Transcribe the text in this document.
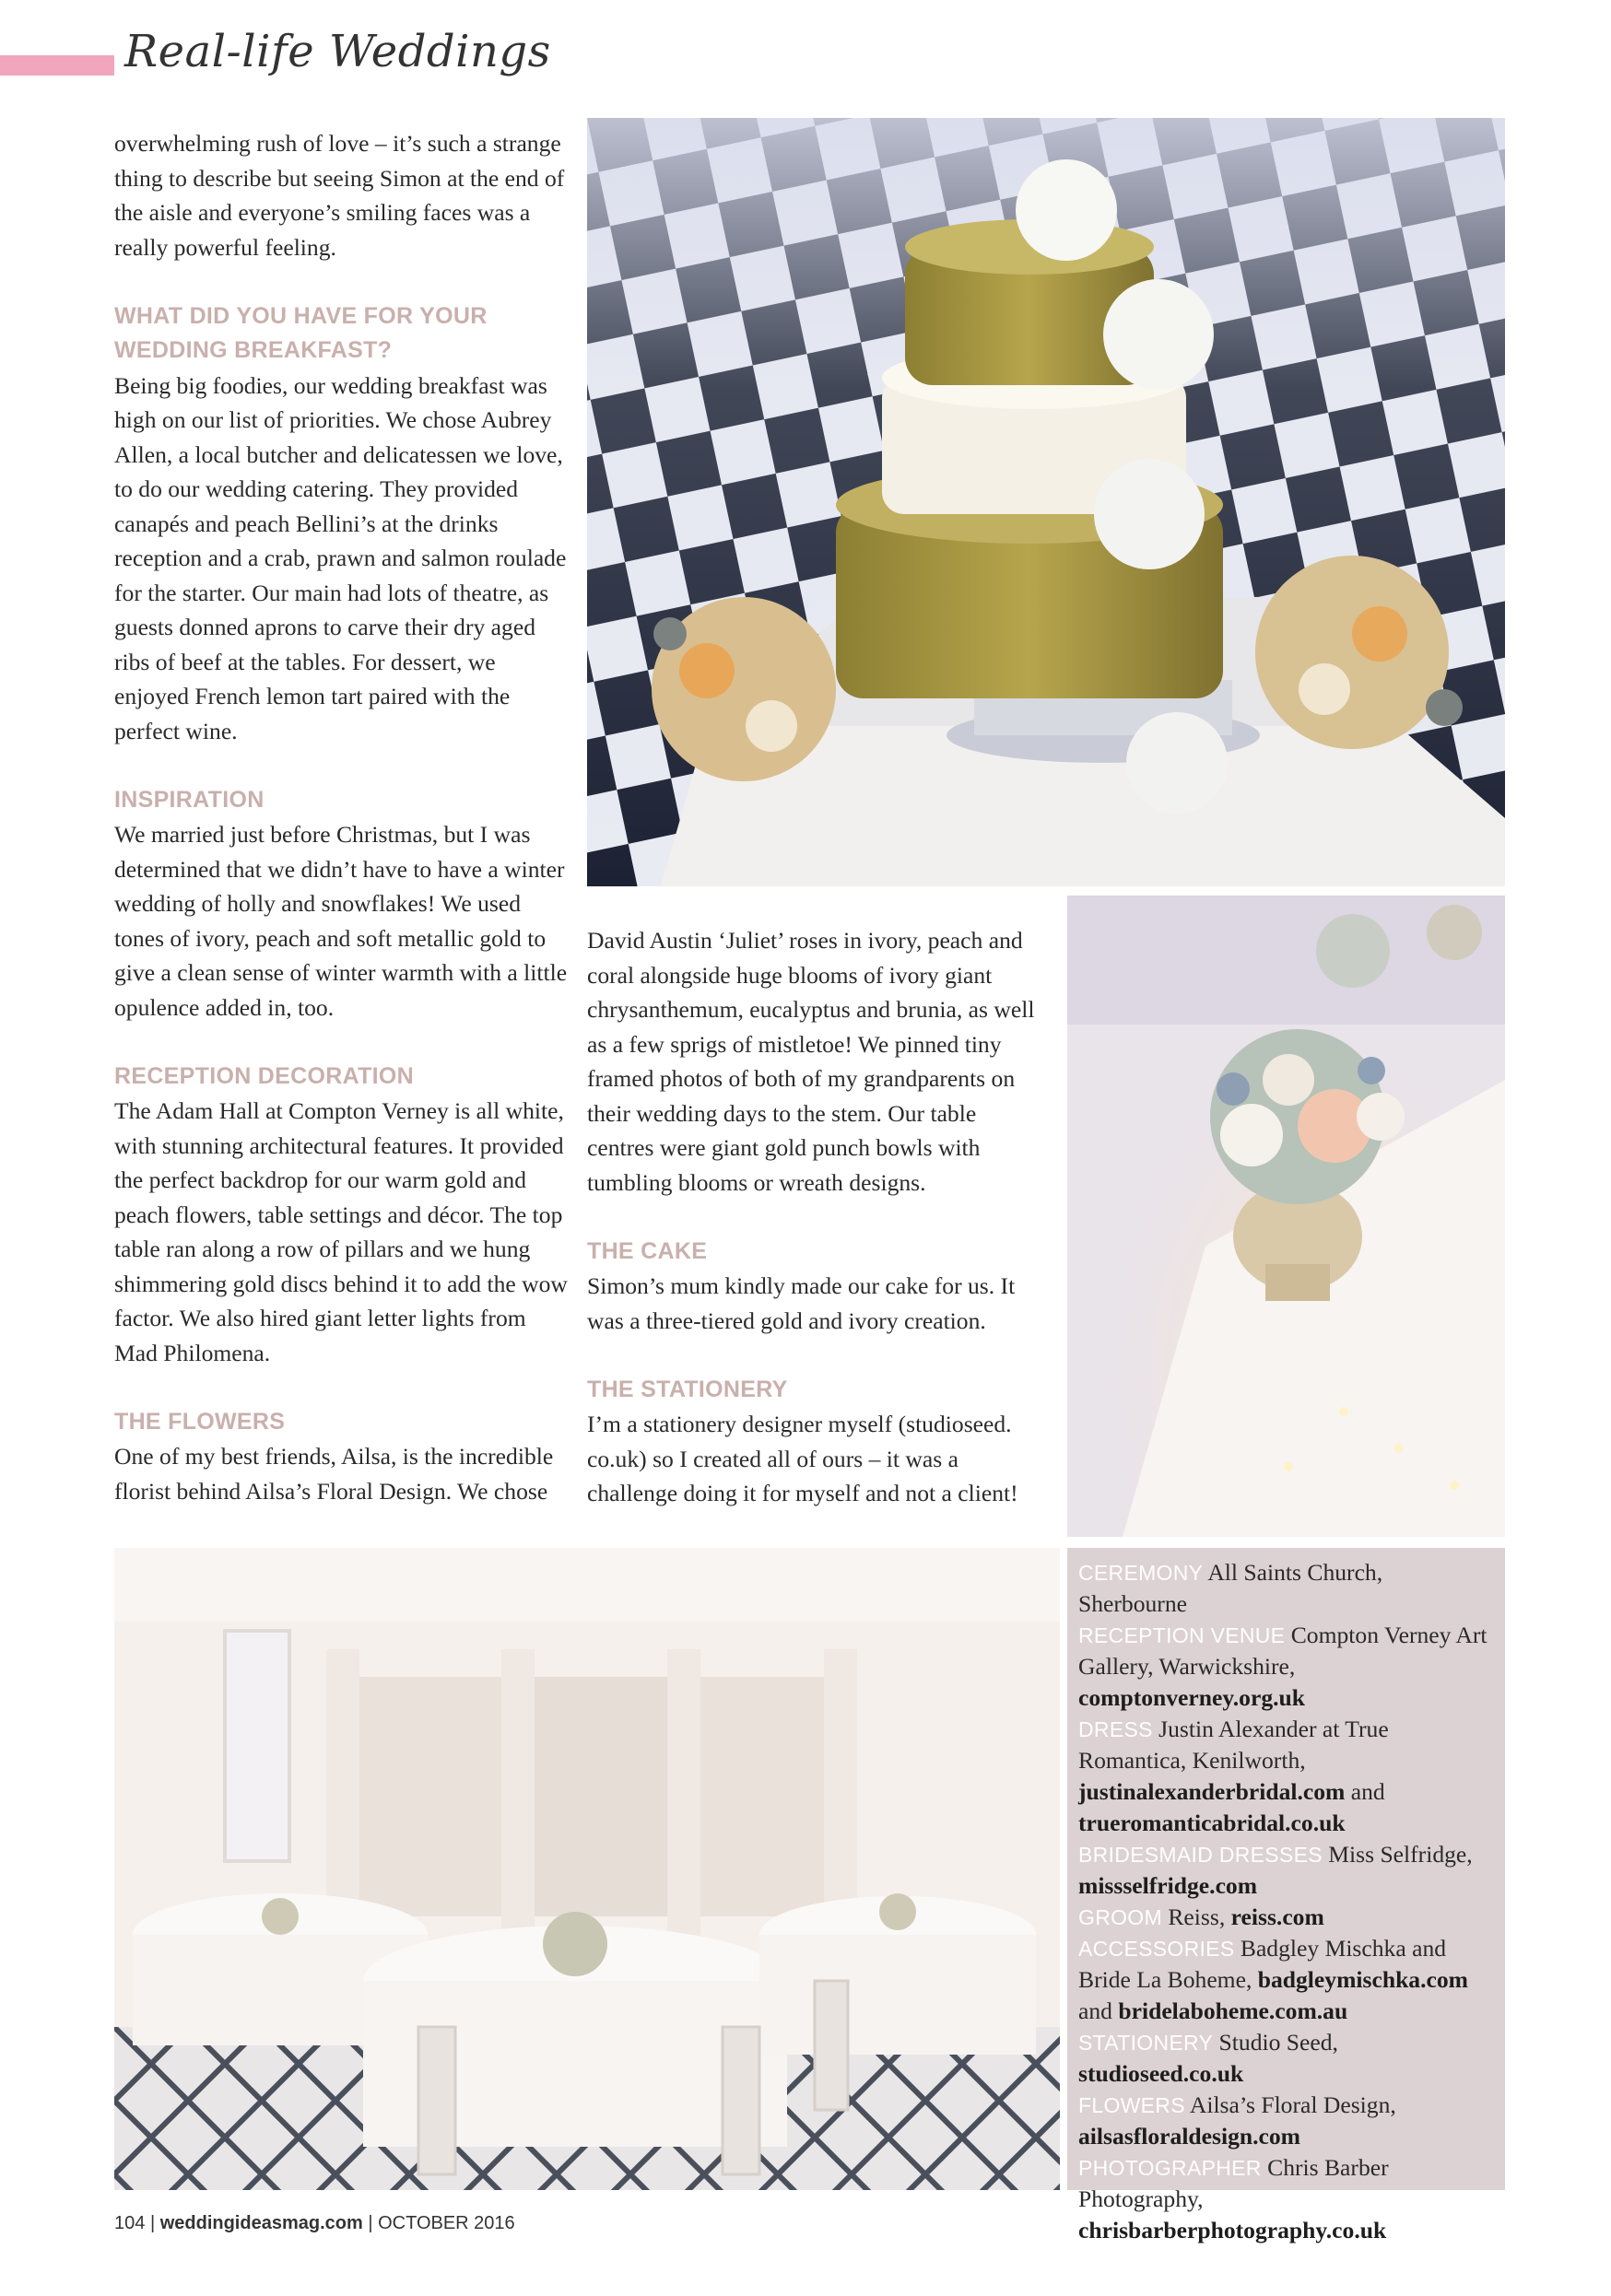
Real-life Weddings

overwhelming rush of love – it’s such a strange thing to describe but seeing Simon at the end of the aisle and everyone’s smiling faces was a really powerful feeling.

WHAT DID YOU HAVE FOR YOUR WEDDING BREAKFAST?

Being big foodies, our wedding breakfast was high on our list of priorities. We chose Aubrey Allen, a local butcher and delicatessen we love, to do our wedding catering. They provided canapés and peach Bellini’s at the drinks reception and a crab, prawn and salmon roulade for the starter. Our main had lots of theatre, as guests donned aprons to carve their dry aged ribs of beef at the tables. For dessert, we enjoyed French lemon tart paired with the perfect wine.

INSPIRATION

We married just before Christmas, but I was determined that we didn’t have to have a winter wedding of holly and snowflakes! We used tones of ivory, peach and soft metallic gold to give a clean sense of winter warmth with a little opulence added in, too.

RECEPTION DECORATION

The Adam Hall at Compton Verney is all white, with stunning architectural features. It provided the perfect backdrop for our warm gold and peach flowers, table settings and décor. The top table ran along a row of pillars and we hung shimmering gold discs behind it to add the wow factor. We also hired giant letter lights from Mad Philomena.

THE FLOWERS

One of my best friends, Ailsa, is the incredible florist behind Ailsa’s Floral Design. We chose

David Austin ‘Juliet’ roses in ivory, peach and coral alongside huge blooms of ivory giant chrysanthemum, eucalyptus and brunia, as well as a few sprigs of mistletoe! We pinned tiny framed photos of both of my grandparents on their wedding days to the stem. Our table centres were giant gold punch bowls with tumbling blooms or wreath designs.

THE CAKE

Simon’s mum kindly made our cake for us. It was a three-tiered gold and ivory creation.

THE STATIONERY

I’m a stationery designer myself (studioseed. co.uk) so I created all of ours – it was a challenge doing it for myself and not a client!

CEREMONY All Saints Church, Sherbourne
RECEPTION VENUE Compton Verney Art Gallery, Warwickshire, comptonverney.org.uk
DRESS Justin Alexander at True Romantica, Kenilworth, justinalexanderbridal.com and trueromanticabridal.co.uk
BRIDESMAID DRESSES Miss Selfridge, missselfridge.com
GROOM Reiss, reiss.com
ACCESSORIES Badgley Mischka and Bride La Boheme, badgleymischka.com and bridelaboheme.com.au
STATIONERY Studio Seed, studioseed.co.uk
FLOWERS Ailsa’s Floral Design, ailsasfloraldesign.com
PHOTOGRAPHER Chris Barber Photography, chrisbarberphotography.co.uk
104 | weddingideasmag.com | OCTOBER 2016
